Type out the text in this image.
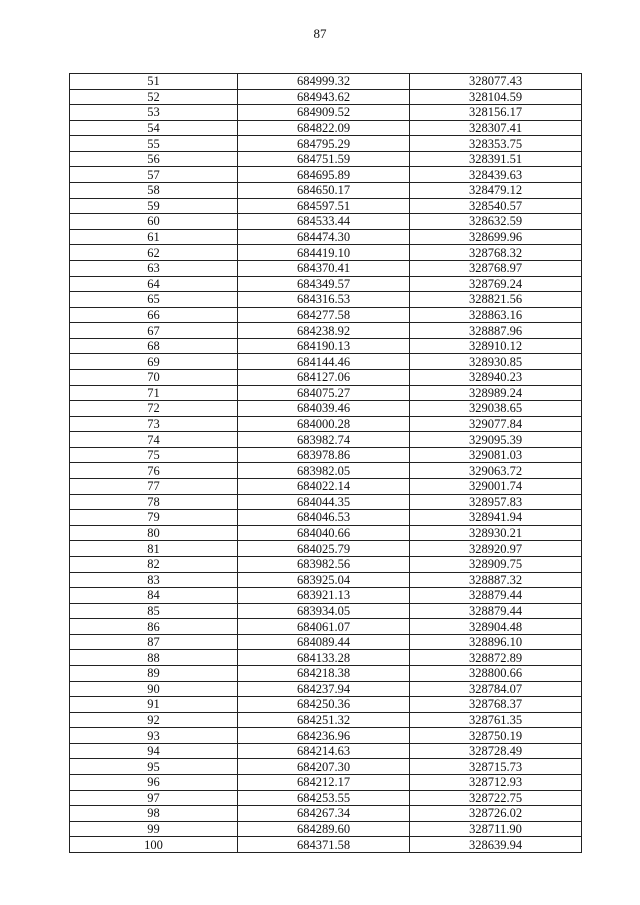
87
51	684999.32	328077.43
52	684943.62	328104.59
53	684909.52	328156.17
54	684822.09	328307.41
55	684795.29	328353.75
56	684751.59	328391.51
57	684695.89	328439.63
58	684650.17	328479.12
59	684597.51	328540.57
60	684533.44	328632.59
61	684474.30	328699.96
62	684419.10	328768.32
63	684370.41	328768.97
64	684349.57	328769.24
65	684316.53	328821.56
66	684277.58	328863.16
67	684238.92	328887.96
68	684190.13	328910.12
69	684144.46	328930.85
70	684127.06	328940.23
71	684075.27	328989.24
72	684039.46	329038.65
73	684000.28	329077.84
74	683982.74	329095.39
75	683978.86	329081.03
76	683982.05	329063.72
77	684022.14	329001.74
78	684044.35	328957.83
79	684046.53	328941.94
80	684040.66	328930.21
81	684025.79	328920.97
82	683982.56	328909.75
83	683925.04	328887.32
84	683921.13	328879.44
85	683934.05	328879.44
86	684061.07	328904.48
87	684089.44	328896.10
88	684133.28	328872.89
89	684218.38	328800.66
90	684237.94	328784.07
91	684250.36	328768.37
92	684251.32	328761.35
93	684236.96	328750.19
94	684214.63	328728.49
95	684207.30	328715.73
96	684212.17	328712.93
97	684253.55	328722.75
98	684267.34	328726.02
99	684289.60	328711.90
100	684371.58	328639.94
